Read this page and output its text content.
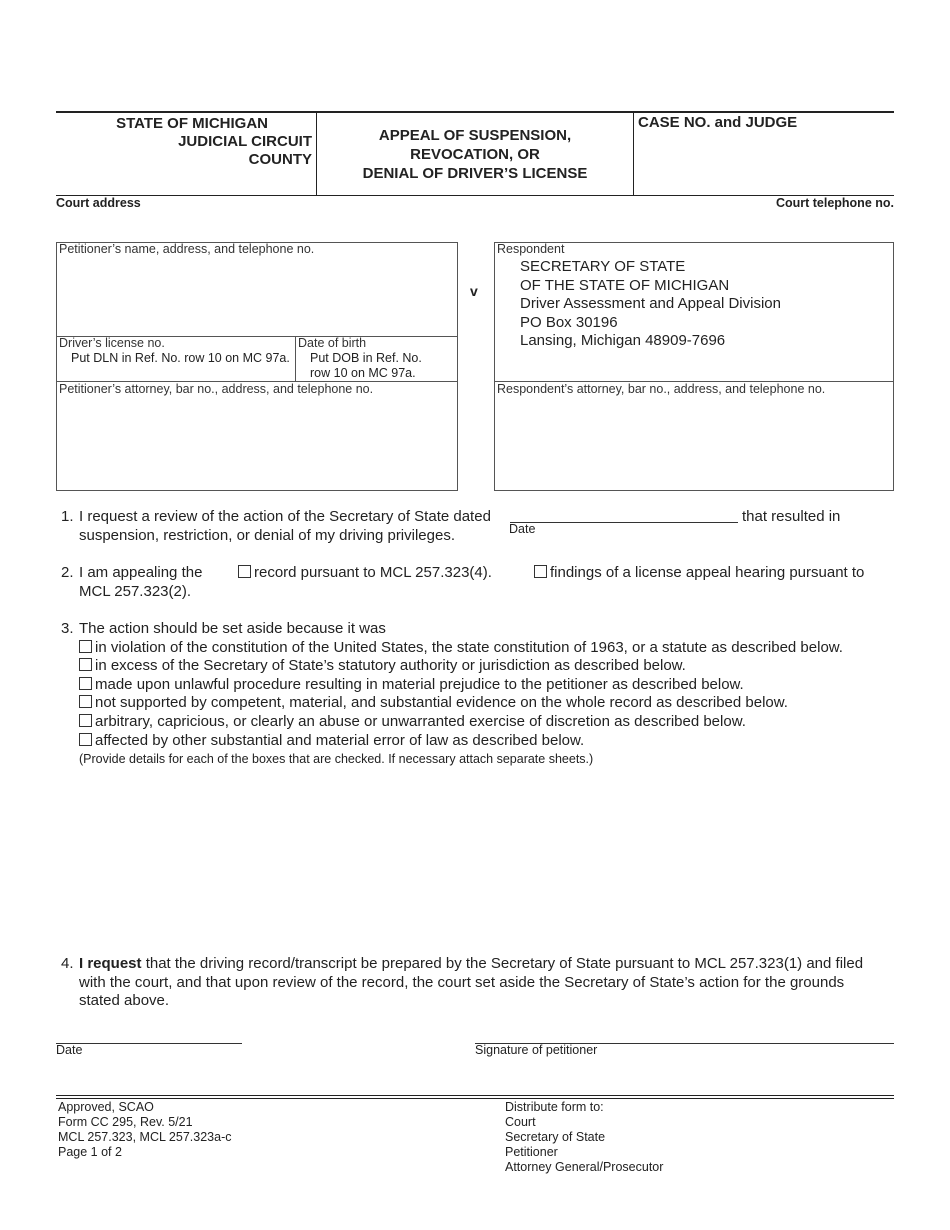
STATE OF MICHIGAN
JUDICIAL CIRCUIT
COUNTY
APPEAL OF SUSPENSION,
REVOCATION, OR
DENIAL OF DRIVER’S LICENSE
CASE NO. and JUDGE
Court address	Court telephone no.
Petitioner’s name, address, and telephone no.
Driver’s license no.
Put DLN in Ref. No. row 10 on MC 97a.
Date of birth
Put DOB in Ref. No.
row 10 on MC 97a.
Petitioner’s attorney, bar no., address, and telephone no.
v
Respondent
SECRETARY OF STATE
OF THE STATE OF MICHIGAN
Driver Assessment and Appeal Division
PO Box 30196
Lansing, Michigan 48909-7696
Respondent’s attorney, bar no., address, and telephone no.
1. I request a review of the action of the Secretary of State dated
Date
that resulted in
suspension, restriction, or denial of my driving privileges.
2. I am appealing the	record pursuant to MCL 257.323(4).	findings of a license appeal hearing pursuant to
MCL 257.323(2).
3. The action should be set aside because it was
in violation of the constitution of the United States, the state constitution of 1963, or a statute as described below.
in excess of the Secretary of State’s statutory authority or jurisdiction as described below.
made upon unlawful procedure resulting in material prejudice to the petitioner as described below.
not supported by competent, material, and substantial evidence on the whole record as described below.
arbitrary, capricious, or clearly an abuse or unwarranted exercise of discretion as described below.
affected by other substantial and material error of law as described below.
(Provide details for each of the boxes that are checked. If necessary attach separate sheets.)
4. I request that the driving record/transcript be prepared by the Secretary of State pursuant to MCL 257.323(1) and filed
with the court, and that upon review of the record, the court set aside the Secretary of State’s action for the grounds
stated above.
Date	Signature of petitioner
Approved, SCAO
Form CC 295, Rev. 5/21
MCL 257.323, MCL 257.323a-c
Page 1 of 2
Distribute form to:
Court
Secretary of State
Petitioner
Attorney General/Prosecutor
